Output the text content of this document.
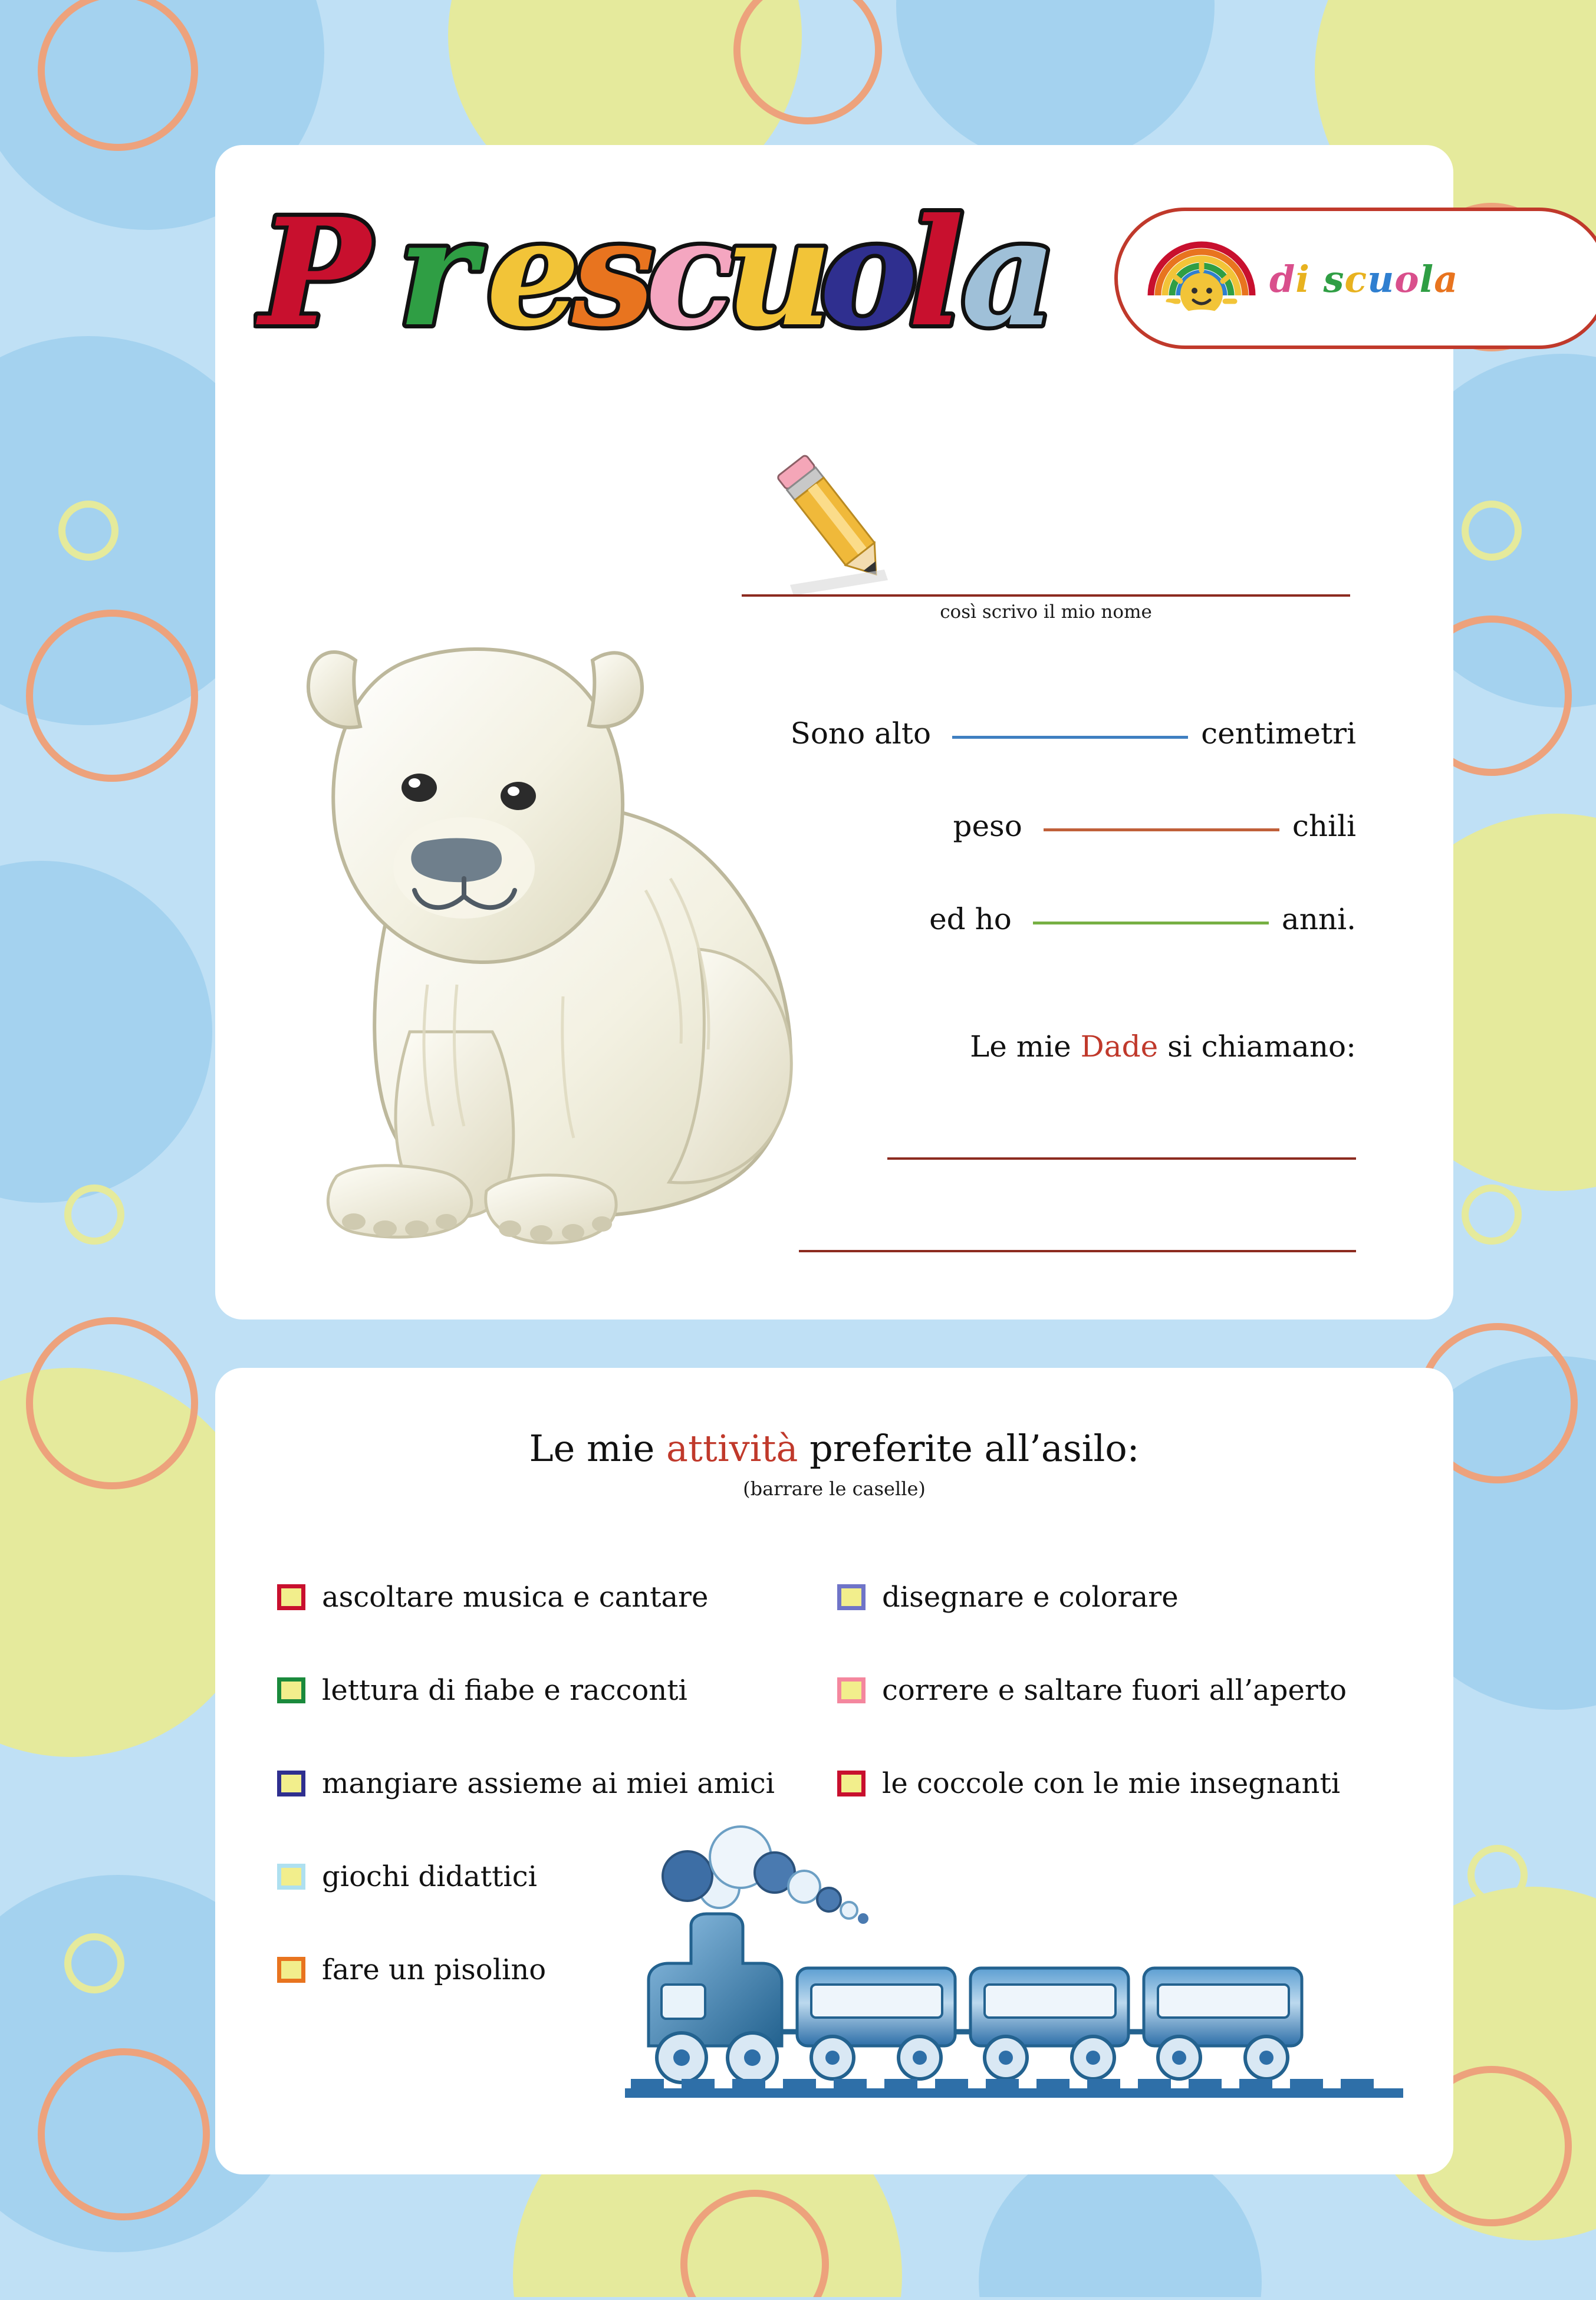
P r e
s
c
u
o
l
a	di scuola
così scrivo il mio nome
Sono alto	centimetri
peso	chili
ed ho	anni.
Le mie Dade si chiamano:
Le mie attività preferite all’asilo:
(barrare le caselle)
ascoltare musica e cantare
lettura di fiabe e racconti
mangiare assieme ai miei amici
giochi didattici
fare un pisolino
disegnare e colorare
correre e saltare fuori all’aperto
le coccole con le mie insegnanti
